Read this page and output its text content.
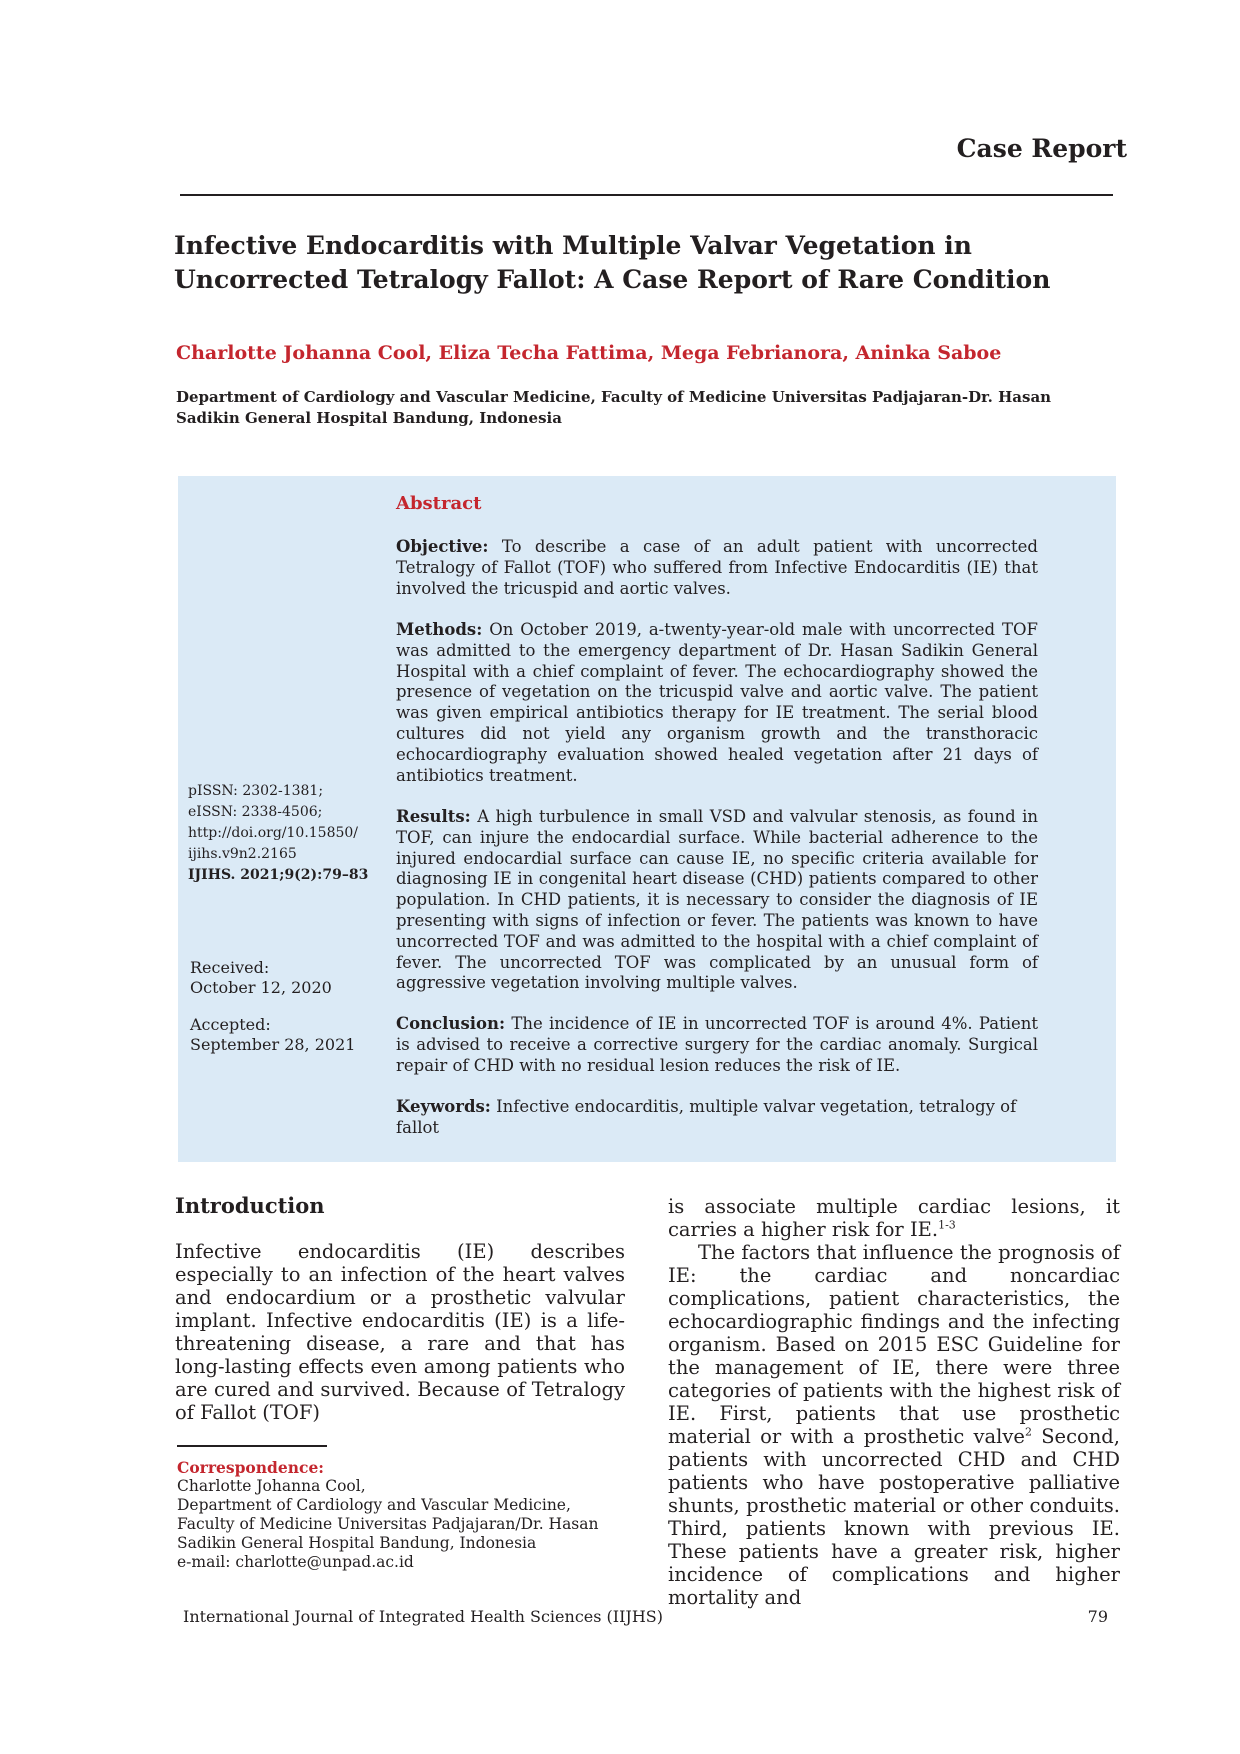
Case Report
Infective Endocarditis with Multiple Valvar Vegetation in Uncorrected Tetralogy Fallot: A Case Report of Rare Condition
Charlotte Johanna Cool, Eliza Techa Fattima, Mega Febrianora, Aninka Saboe
Department of Cardiology and Vascular Medicine, Faculty of Medicine Universitas Padjajaran-Dr. Hasan Sadikin General Hospital Bandung, Indonesia
pISSN: 2302-1381;
eISSN: 2338-4506;
http://doi.org/10.15850/
ijihs.v9n2.2165
IJIHS. 2021;9(2):79–83
Received:
October 12, 2020
Accepted:
September 28, 2021
Abstract
Objective: To describe a case of an adult patient with uncorrected Tetralogy of Fallot (TOF) who suffered from Infective Endocarditis (IE) that involved the tricuspid and aortic valves.
Methods: On October 2019, a-twenty-year-old male with uncorrected TOF was admitted to the emergency department of Dr. Hasan Sadikin General Hospital with a chief complaint of fever. The echocardiography showed the presence of vegetation on the tricuspid valve and aortic valve. The patient was given empirical antibiotics therapy for IE treatment. The serial blood cultures did not yield any organism growth and the transthoracic echocardiography evaluation showed healed vegetation after 21 days of antibiotics treatment.
Results: A high turbulence in small VSD and valvular stenosis, as found in TOF, can injure the endocardial surface. While bacterial adherence to the injured endocardial surface can cause IE, no specific criteria available for diagnosing IE in congenital heart disease (CHD) patients compared to other population. In CHD patients, it is necessary to consider the diagnosis of IE presenting with signs of infection or fever. The patients was known to have uncorrected TOF and was admitted to the hospital with a chief complaint of fever. The uncorrected TOF was complicated by an unusual form of aggressive vegetation involving multiple valves.
Conclusion: The incidence of IE in uncorrected TOF is around 4%. Patient is advised to receive a corrective surgery for the cardiac anomaly. Surgical repair of CHD with no residual lesion reduces the risk of IE.
Keywords: Infective endocarditis, multiple valvar vegetation, tetralogy of fallot
Introduction
Infective endocarditis (IE) describes especially to an infection of the heart valves and endocardium or a prosthetic valvular implant. Infective endocarditis (IE) is a life-threatening disease, a rare and that has long-lasting effects even among patients who are cured and survived. Because of Tetralogy of Fallot (TOF)

is associate multiple cardiac lesions, it carries a higher risk for IE.$^{1-3}$

The factors that influence the prognosis of IE: the cardiac and noncardiac complications, patient characteristics, the echocardiographic findings and the infecting organism. Based on 2015 ESC Guideline for the management of IE, there were three categories of patients with the highest risk of IE. First, patients that use prosthetic material or with a prosthetic valve$^2$ Second, patients with uncorrected CHD and CHD patients who have postoperative palliative shunts, prosthetic material or other conduits. Third, patients known with previous IE. These patients have a greater risk, higher incidence of complications and higher mortality and

Correspondence:
Charlotte Johanna Cool,
Department of Cardiology and Vascular Medicine,
Faculty of Medicine Universitas Padjajaran/Dr. Hasan
Sadikin General Hospital Bandung, Indonesia
e-mail: charlotte@unpad.ac.id
International Journal of Integrated Health Sciences (IIJHS)	79
